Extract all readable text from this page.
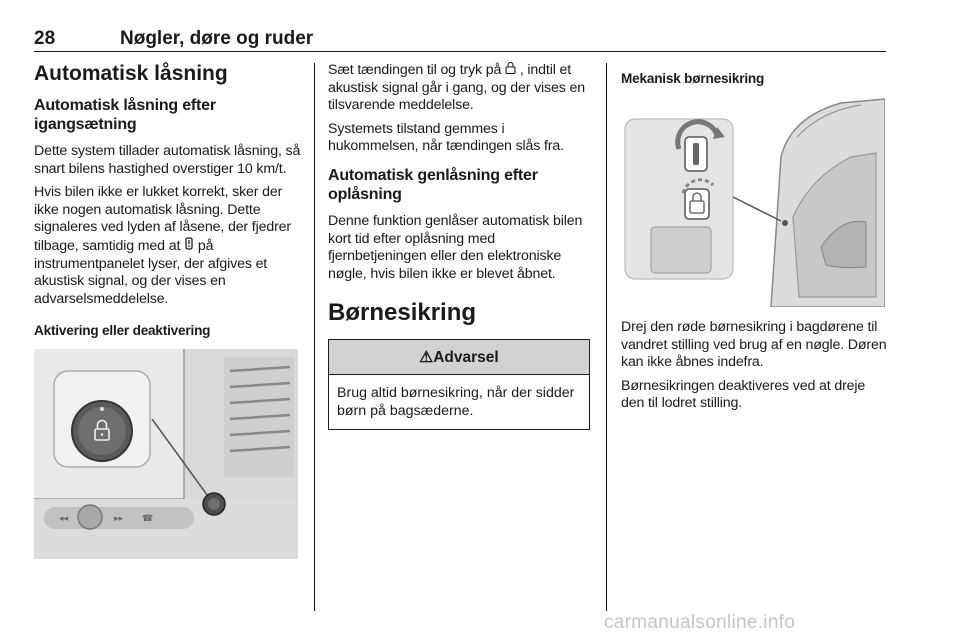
28	Nøgler, døre og ruder
Automatisk låsning
Automatisk låsning efter igangsætning
Dette system tillader automatisk låsning, så snart bilens hastighed overstiger 10 km/t.
Hvis bilen ikke er lukket korrekt, sker der ikke nogen automatisk låsning. Dette signaleres ved lyden af låsene, der fjedrer tilbage, samtidig med at  på instrumentpanelet lyser, der afgives et akustisk signal, og der vises en advarselsmeddelelse.
Aktivering eller deaktivering
◂◂	▸▸ ☎
Sæt tændingen til og tryk på , indtil et akustisk signal går i gang, og der vises en tilsvarende meddelelse.
Systemets tilstand gemmes i hukommelsen, når tændingen slås fra.
Automatisk genlåsning efter oplåsning
Denne funktion genlåser automatisk bilen kort tid efter oplåsning med fjernbetjeningen eller den elektroniske nøgle, hvis bilen ikke er blevet åbnet.
Børnesikring
⚠Advarsel
Brug altid børnesikring, når der sidder børn på bagsæderne.
Mekanisk børnesikring
Drej den røde børnesikring i bagdørene til vandret stilling ved brug af en nøgle. Døren kan ikke åbnes indefra.
Børnesikringen deaktiveres ved at dreje den til lodret stilling.
carmanualsonline.info
